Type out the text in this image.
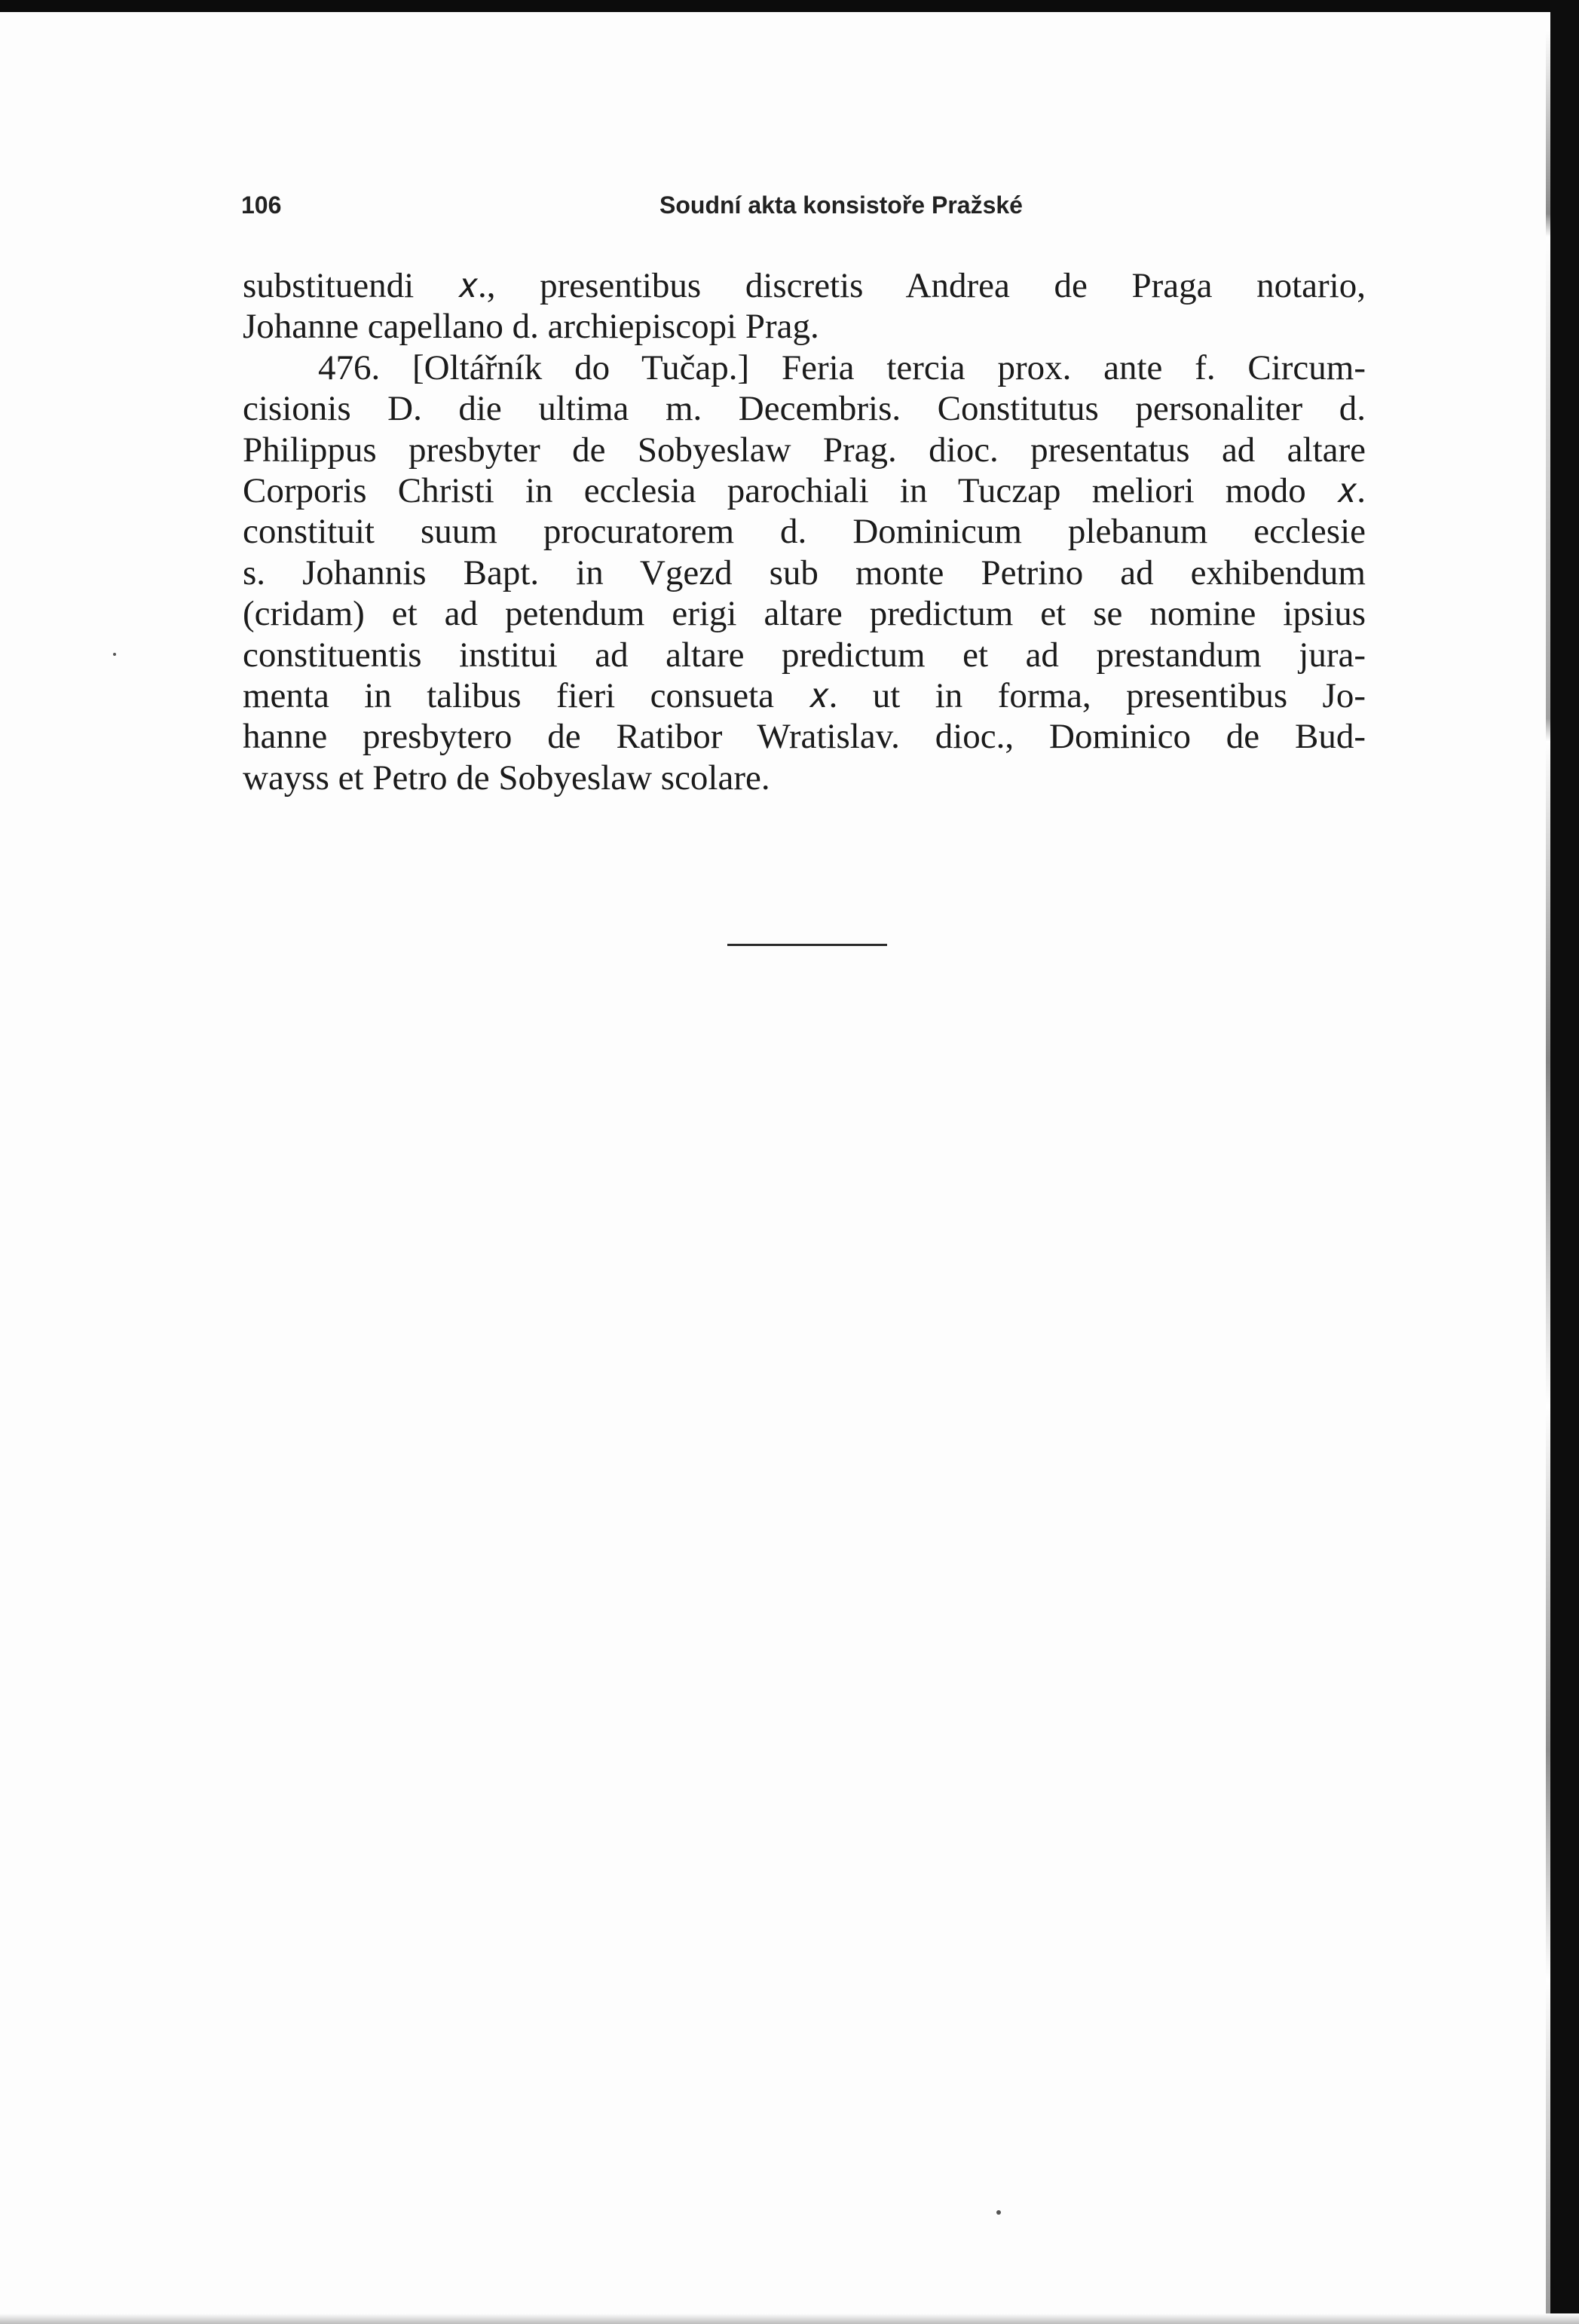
106	Soudní akta konsistoře Pražské
substituendi 𝑥., presentibus discretis Andrea de Praga notario,
Johanne capellano d. archiepiscopi Prag.
476. [Oltářník do Tučap.] Feria tercia prox. ante f. Circum-
cisionis D. die ultima m. Decembris. Constitutus personaliter d.
Philippus presbyter de Sobyeslaw Prag. dioc. presentatus ad altare
Corporis Christi in ecclesia parochiali in Tuczap meliori modo 𝑥.
constituit suum procuratorem d. Dominicum plebanum ecclesie
s. Johannis Bapt. in Vgezd sub monte Petrino ad exhibendum
(cridam) et ad petendum erigi altare predictum et se nomine ipsius
constituentis institui ad altare predictum et ad prestandum jura-
menta in talibus fieri consueta 𝑥. ut in forma, presentibus Jo-
hanne presbytero de Ratibor Wratislav. dioc., Dominico de Bud-
wayss et Petro de Sobyeslaw scolare.
